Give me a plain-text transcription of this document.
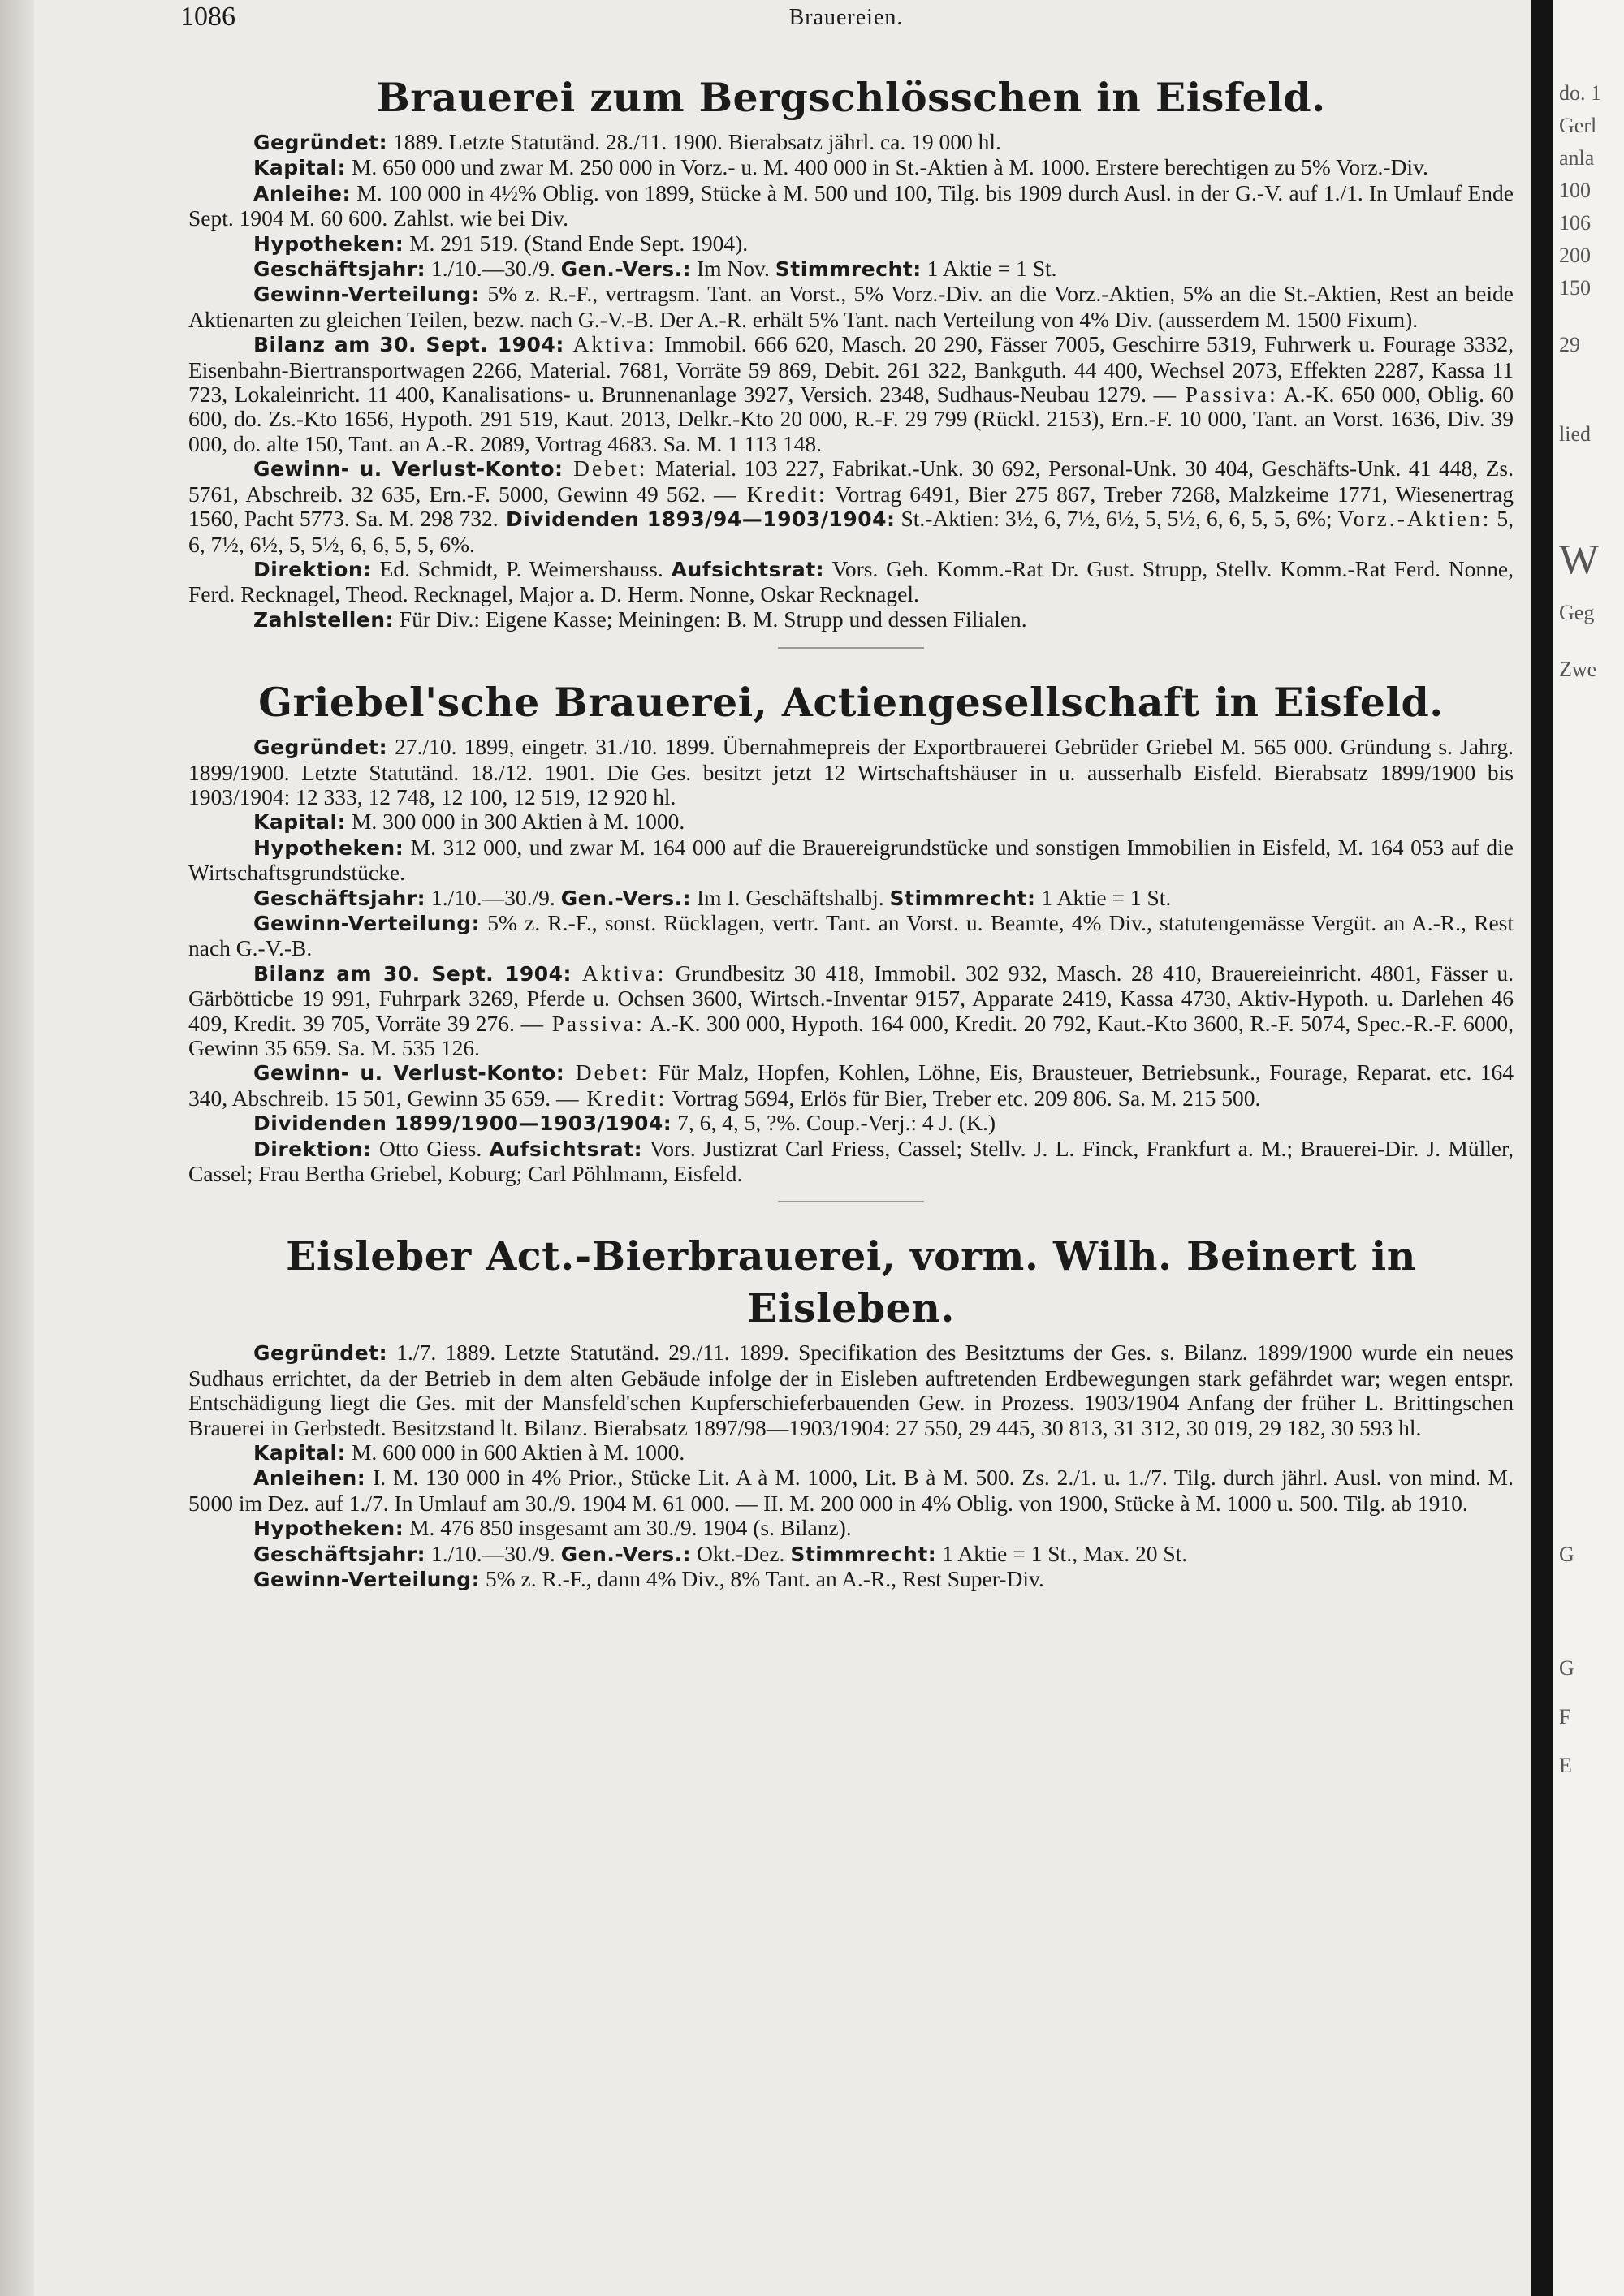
1086	Brauereien.
Brauerei zum Bergschlösschen in Eisfeld.

Gegründet: 1889. Letzte Statutänd. 28./11. 1900. Bierabsatz jährl. ca. 19 000 hl.

Kapital: M. 650 000 und zwar M. 250 000 in Vorz.- u. M. 400 000 in St.-Aktien à M. 1000. Erstere berechtigen zu 5% Vorz.-Div.

Anleihe: M. 100 000 in 4½% Oblig. von 1899, Stücke à M. 500 und 100, Tilg. bis 1909 durch Ausl. in der G.-V. auf 1./1. In Umlauf Ende Sept. 1904 M. 60 600. Zahlst. wie bei Div.

Hypotheken: M. 291 519. (Stand Ende Sept. 1904).

Geschäftsjahr: 1./10.—30./9. Gen.-Vers.: Im Nov. Stimmrecht: 1 Aktie = 1 St.

Gewinn-Verteilung: 5% z. R.-F., vertragsm. Tant. an Vorst., 5% Vorz.-Div. an die Vorz.-Aktien, 5% an die St.-Aktien, Rest an beide Aktienarten zu gleichen Teilen, bezw. nach G.-V.-B. Der A.-R. erhält 5% Tant. nach Verteilung von 4% Div. (ausserdem M. 1500 Fixum).

Bilanz am 30. Sept. 1904: Aktiva: Immobil. 666 620, Masch. 20 290, Fässer 7005, Geschirre 5319, Fuhrwerk u. Fourage 3332, Eisenbahn-Biertransportwagen 2266, Material. 7681, Vorräte 59 869, Debit. 261 322, Bankguth. 44 400, Wechsel 2073, Effekten 2287, Kassa 11 723, Lokaleinricht. 11 400, Kanalisations- u. Brunnenanlage 3927, Versich. 2348, Sudhaus-Neubau 1279. — Passiva: A.-K. 650 000, Oblig. 60 600, do. Zs.-Kto 1656, Hypoth. 291 519, Kaut. 2013, Delkr.-Kto 20 000, R.-F. 29 799 (Rückl. 2153), Ern.-F. 10 000, Tant. an Vorst. 1636, Div. 39 000, do. alte 150, Tant. an A.-R. 2089, Vortrag 4683. Sa. M. 1 113 148.

Gewinn- u. Verlust-Konto: Debet: Material. 103 227, Fabrikat.-Unk. 30 692, Personal-Unk. 30 404, Geschäfts-Unk. 41 448, Zs. 5761, Abschreib. 32 635, Ern.-F. 5000, Gewinn 49 562. — Kredit: Vortrag 6491, Bier 275 867, Treber 7268, Malzkeime 1771, Wiesenertrag 1560, Pacht 5773. Sa. M. 298 732. Dividenden 1893/94—1903/1904: St.-Aktien: 3½, 6, 7½, 6½, 5, 5½, 6, 6, 5, 5, 6%; Vorz.-Aktien: 5, 6, 7½, 6½, 5, 5½, 6, 6, 5, 5, 6%.

Direktion: Ed. Schmidt, P. Weimershauss. Aufsichtsrat: Vors. Geh. Komm.-Rat Dr. Gust. Strupp, Stellv. Komm.-Rat Ferd. Nonne, Ferd. Recknagel, Theod. Recknagel, Major a. D. Herm. Nonne, Oskar Recknagel.

Zahlstellen: Für Div.: Eigene Kasse; Meiningen: B. M. Strupp und dessen Filialen.

Griebel'sche Brauerei, Actiengesellschaft in Eisfeld.

Gegründet: 27./10. 1899, eingetr. 31./10. 1899. Übernahmepreis der Exportbrauerei Gebrüder Griebel M. 565 000. Gründung s. Jahrg. 1899/1900. Letzte Statutänd. 18./12. 1901. Die Ges. besitzt jetzt 12 Wirtschaftshäuser in u. ausserhalb Eisfeld. Bierabsatz 1899/1900 bis 1903/1904: 12 333, 12 748, 12 100, 12 519, 12 920 hl.

Kapital: M. 300 000 in 300 Aktien à M. 1000.

Hypotheken: M. 312 000, und zwar M. 164 000 auf die Brauereigrundstücke und sonstigen Immobilien in Eisfeld, M. 164 053 auf die Wirtschaftsgrundstücke.

Geschäftsjahr: 1./10.—30./9. Gen.-Vers.: Im I. Geschäftshalbj. Stimmrecht: 1 Aktie = 1 St.

Gewinn-Verteilung: 5% z. R.-F., sonst. Rücklagen, vertr. Tant. an Vorst. u. Beamte, 4% Div., statutengemässe Vergüt. an A.-R., Rest nach G.-V.-B.

Bilanz am 30. Sept. 1904: Aktiva: Grundbesitz 30 418, Immobil. 302 932, Masch. 28 410, Brauereieinricht. 4801, Fässer u. Gärbötticbe 19 991, Fuhrpark 3269, Pferde u. Ochsen 3600, Wirtsch.-Inventar 9157, Apparate 2419, Kassa 4730, Aktiv-Hypoth. u. Darlehen 46 409, Kredit. 39 705, Vorräte 39 276. — Passiva: A.-K. 300 000, Hypoth. 164 000, Kredit. 20 792, Kaut.-Kto 3600, R.-F. 5074, Spec.-R.-F. 6000, Gewinn 35 659. Sa. M. 535 126.

Gewinn- u. Verlust-Konto: Debet: Für Malz, Hopfen, Kohlen, Löhne, Eis, Brausteuer, Betriebsunk., Fourage, Reparat. etc. 164 340, Abschreib. 15 501, Gewinn 35 659. — Kredit: Vortrag 5694, Erlös für Bier, Treber etc. 209 806. Sa. M. 215 500.

Dividenden 1899/1900—1903/1904: 7, 6, 4, 5, ?%. Coup.-Verj.: 4 J. (K.)

Direktion: Otto Giess. Aufsichtsrat: Vors. Justizrat Carl Friess, Cassel; Stellv. J. L. Finck, Frankfurt a. M.; Brauerei-Dir. J. Müller, Cassel; Frau Bertha Griebel, Koburg; Carl Pöhlmann, Eisfeld.

Eisleber Act.-Bierbrauerei, vorm. Wilh. Beinert in Eisleben.

Gegründet: 1./7. 1889. Letzte Statutänd. 29./11. 1899. Specifikation des Besitztums der Ges. s. Bilanz. 1899/1900 wurde ein neues Sudhaus errichtet, da der Betrieb in dem alten Gebäude infolge der in Eisleben auftretenden Erdbewegungen stark gefährdet war; wegen entspr. Entschädigung liegt die Ges. mit der Mansfeld'schen Kupferschieferbauenden Gew. in Prozess. 1903/1904 Anfang der früher L. Brittingschen Brauerei in Gerbstedt. Besitzstand lt. Bilanz. Bierabsatz 1897/98—1903/1904: 27 550, 29 445, 30 813, 31 312, 30 019, 29 182, 30 593 hl.

Kapital: M. 600 000 in 600 Aktien à M. 1000.

Anleihen: I. M. 130 000 in 4% Prior., Stücke Lit. A à M. 1000, Lit. B à M. 500. Zs. 2./1. u. 1./7. Tilg. durch jährl. Ausl. von mind. M. 5000 im Dez. auf 1./7. In Umlauf am 30./9. 1904 M. 61 000. — II. M. 200 000 in 4% Oblig. von 1900, Stücke à M. 1000 u. 500. Tilg. ab 1910.

Hypotheken: M. 476 850 insgesamt am 30./9. 1904 (s. Bilanz).

Geschäftsjahr: 1./10.—30./9. Gen.-Vers.: Okt.-Dez. Stimmrecht: 1 Aktie = 1 St., Max. 20 St.

Gewinn-Verteilung: 5% z. R.-F., dann 4% Div., 8% Tant. an A.-R., Rest Super-Div.

do. 1
Gerl
anla
100
106
200
150
29
lied
W
Geg
Zwe
G
G
F
E
